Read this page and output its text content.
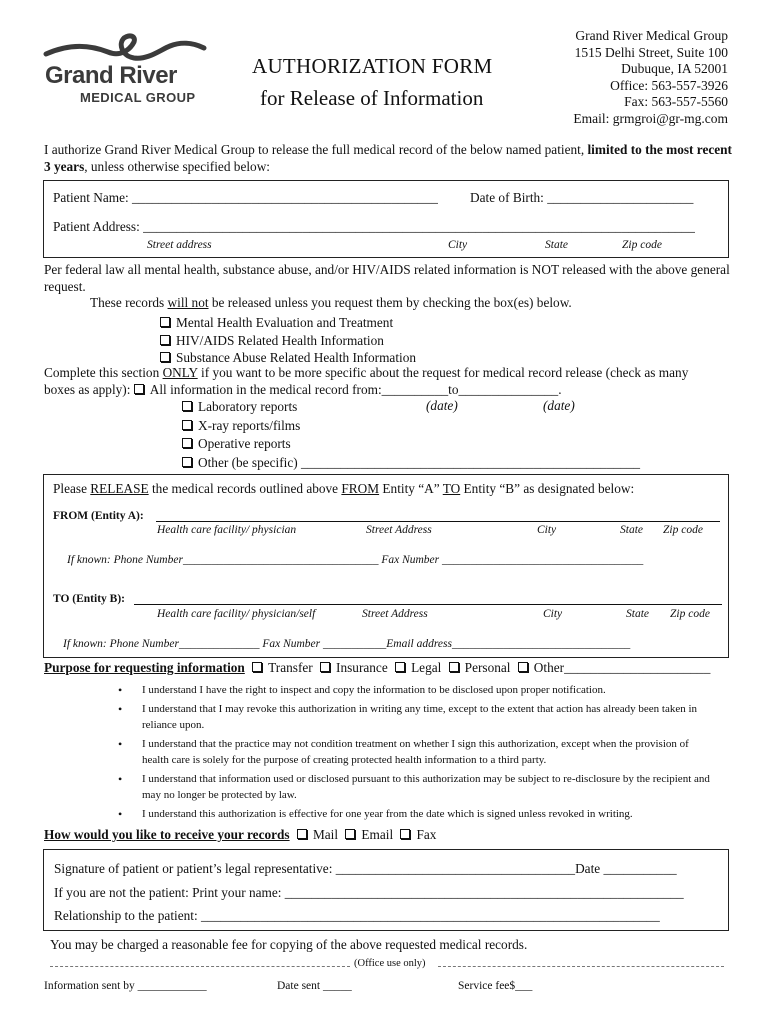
Grand River
MEDICAL GROUP
AUTHORIZATION FORM
for Release of Information
Grand River Medical Group
1515 Delhi Street, Suite 100
Dubuque, IA 52001
Office: 563-557-3926
Fax: 563-557-5560
Email: grmgroi@gr-mg.com
I authorize Grand River Medical Group to release the full medical record of the below named patient, limited to the most recent 3 years, unless otherwise specified below:
Patient Name: ______________________________________________ Date of Birth: ______________________
Patient Address: ___________________________________________________________________________________
Street address	City	State	Zip code
Per federal law all mental health, substance abuse, and/or HIV/AIDS related information is NOT released with the above general request.
These records will not be released unless you request them by checking the box(es) below.
Mental Health Evaluation and Treatment
HIV/AIDS Related Health Information
Substance Abuse Related Health Information
Complete this section ONLY if you want to be more specific about the request for medical record release (check as many
boxes as apply): All information in the medical record from:__________to_______________.
(date)	(date)
Laboratory reports
X-ray reports/films
Operative reports
Other (be specific) ___________________________________________________
Please RELEASE the medical records outlined above FROM Entity “A” TO Entity “B” as designated below:
FROM (Entity A):
Health care facility/ physician	Street Address	City	State Zip code
If known: Phone Number__________________________________ Fax Number ___________________________________
TO (Entity B):
Health care facility/ physician/self	Street Address	City	State Zip code
If known: Phone Number______________ Fax Number ___________Email address_______________________________
Purpose for requesting information Transfer Insurance Legal Personal Other______________________
• I understand I have the right to inspect and copy the information to be disclosed upon proper notification.
• I understand that I may revoke this authorization in writing any time, except to the extent that action has already been taken in reliance upon.
• I understand that the practice may not condition treatment on whether I sign this authorization, except when the provision of health care is solely for the purpose of creating protected health information to a third party.
• I understand that information used or disclosed pursuant to this authorization may be subject to re-disclosure by the recipient and may no longer be protected by law.
• I understand this authorization is effective for one year from the date which is signed unless revoked in writing.
How would you like to receive your records Mail Email Fax
Signature of patient or patient’s legal representative: ____________________________________Date ___________
If you are not the patient: Print your name: ____________________________________________________________
Relationship to the patient: _____________________________________________________________________
You may be charged a reasonable fee for copying of the above requested medical records.
(Office use only)
Information sent by ____________	Date sent _____	Service fee$___
